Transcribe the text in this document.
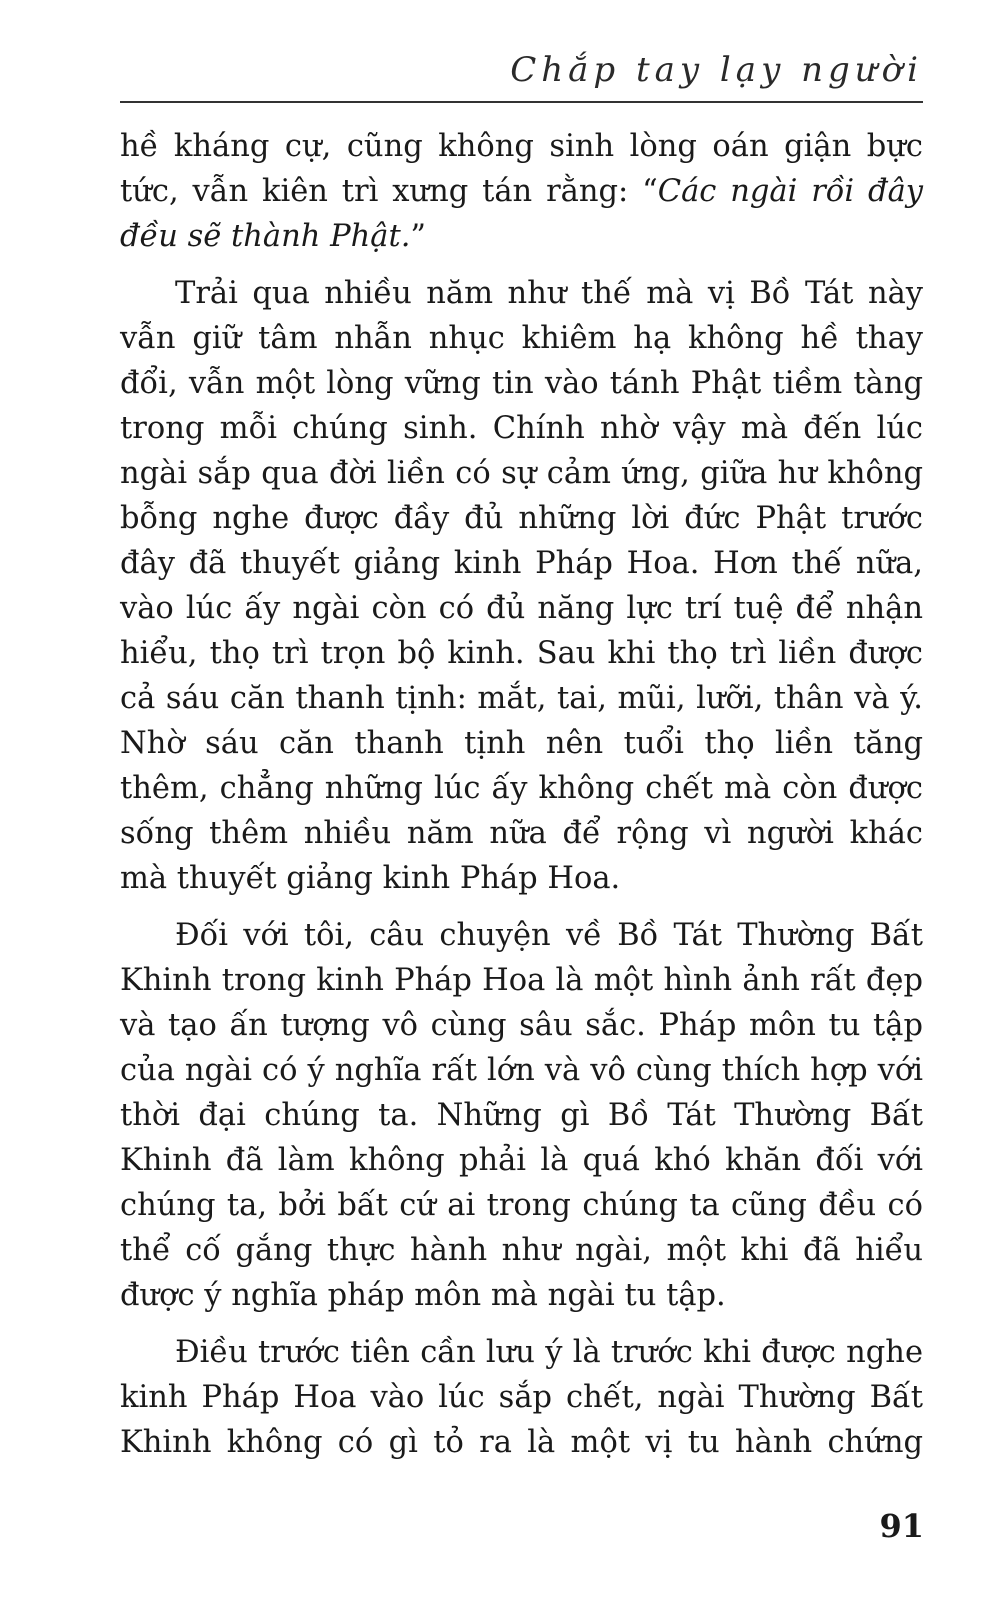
Chắp tay lạy người

hề kháng cự, cũng không sinh lòng oán giận bực tức, vẫn kiên trì xưng tán rằng: “Các ngài rồi đây đều sẽ thành Phật.”

Trải qua nhiều năm như thế mà vị Bồ Tát này vẫn giữ tâm nhẫn nhục khiêm hạ không hề thay đổi, vẫn một lòng vững tin vào tánh Phật tiềm tàng trong mỗi chúng sinh. Chính nhờ vậy mà đến lúc ngài sắp qua đời liền có sự cảm ứng, giữa hư không bỗng nghe được đầy đủ những lời đức Phật trước đây đã thuyết giảng kinh Pháp Hoa. Hơn thế nữa, vào lúc ấy ngài còn có đủ năng lực trí tuệ để nhận hiểu, thọ trì trọn bộ kinh. Sau khi thọ trì liền được cả sáu căn thanh tịnh: mắt, tai, mũi, lưỡi, thân và ý. Nhờ sáu căn thanh tịnh nên tuổi thọ liền tăng thêm, chẳng những lúc ấy không chết mà còn được sống thêm nhiều năm nữa để rộng vì người khác mà thuyết giảng kinh Pháp Hoa.

Đối với tôi, câu chuyện về Bồ Tát Thường Bất Khinh trong kinh Pháp Hoa là một hình ảnh rất đẹp và tạo ấn tượng vô cùng sâu sắc. Pháp môn tu tập của ngài có ý nghĩa rất lớn và vô cùng thích hợp với thời đại chúng ta. Những gì Bồ Tát Thường Bất Khinh đã làm không phải là quá khó khăn đối với chúng ta, bởi bất cứ ai trong chúng ta cũng đều có thể cố gắng thực hành như ngài, một khi đã hiểu được ý nghĩa pháp môn mà ngài tu tập.

Điều trước tiên cần lưu ý là trước khi được nghe kinh Pháp Hoa vào lúc sắp chết, ngài Thường Bất Khinh không có gì tỏ ra là một vị tu hành chứng

91
